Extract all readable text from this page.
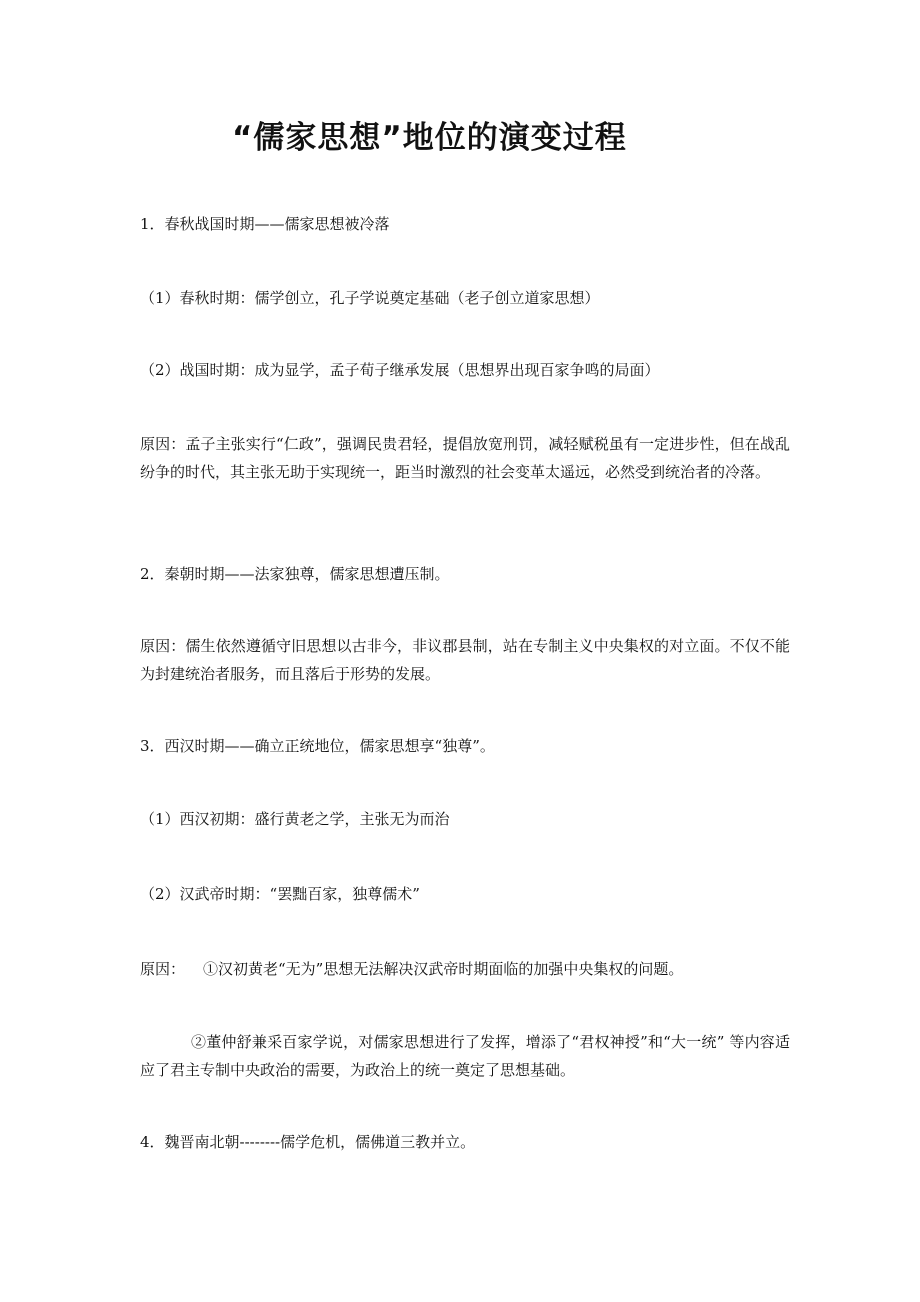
“儒家思想”地位的演变过程
1．春秋战国时期——儒家思想被冷落
（1）春秋时期：儒学创立，孔子学说奠定基础（老子创立道家思想）
（2）战国时期：成为显学，孟子荀子继承发展（思想界出现百家争鸣的局面）
原因：孟子主张实行“仁政”，强调民贵君轻，提倡放宽刑罚，减轻赋税虽有一定进步性，但在战乱纷争的时代，其主张无助于实现统一，距当时激烈的社会变革太遥远，必然受到统治者的冷落。
2．秦朝时期——法家独尊，儒家思想遭压制。
原因：儒生依然遵循守旧思想以古非今，非议郡县制，站在专制主义中央集权的对立面。不仅不能为封建统治者服务，而且落后于形势的发展。
3．西汉时期——确立正统地位，儒家思想享“独尊”。
（1）西汉初期：盛行黄老之学，主张无为而治
（2）汉武帝时期：“罢黜百家，独尊儒术”
原因： ①汉初黄老“无为”思想无法解决汉武帝时期面临的加强中央集权的问题。
②董仲舒兼采百家学说，对儒家思想进行了发挥，增添了“君权神授”和“大一统” 等内容适应了君主专制中央政治的需要，为政治上的统一奠定了思想基础。
4．魏晋南北朝--------儒学危机，儒佛道三教并立。
